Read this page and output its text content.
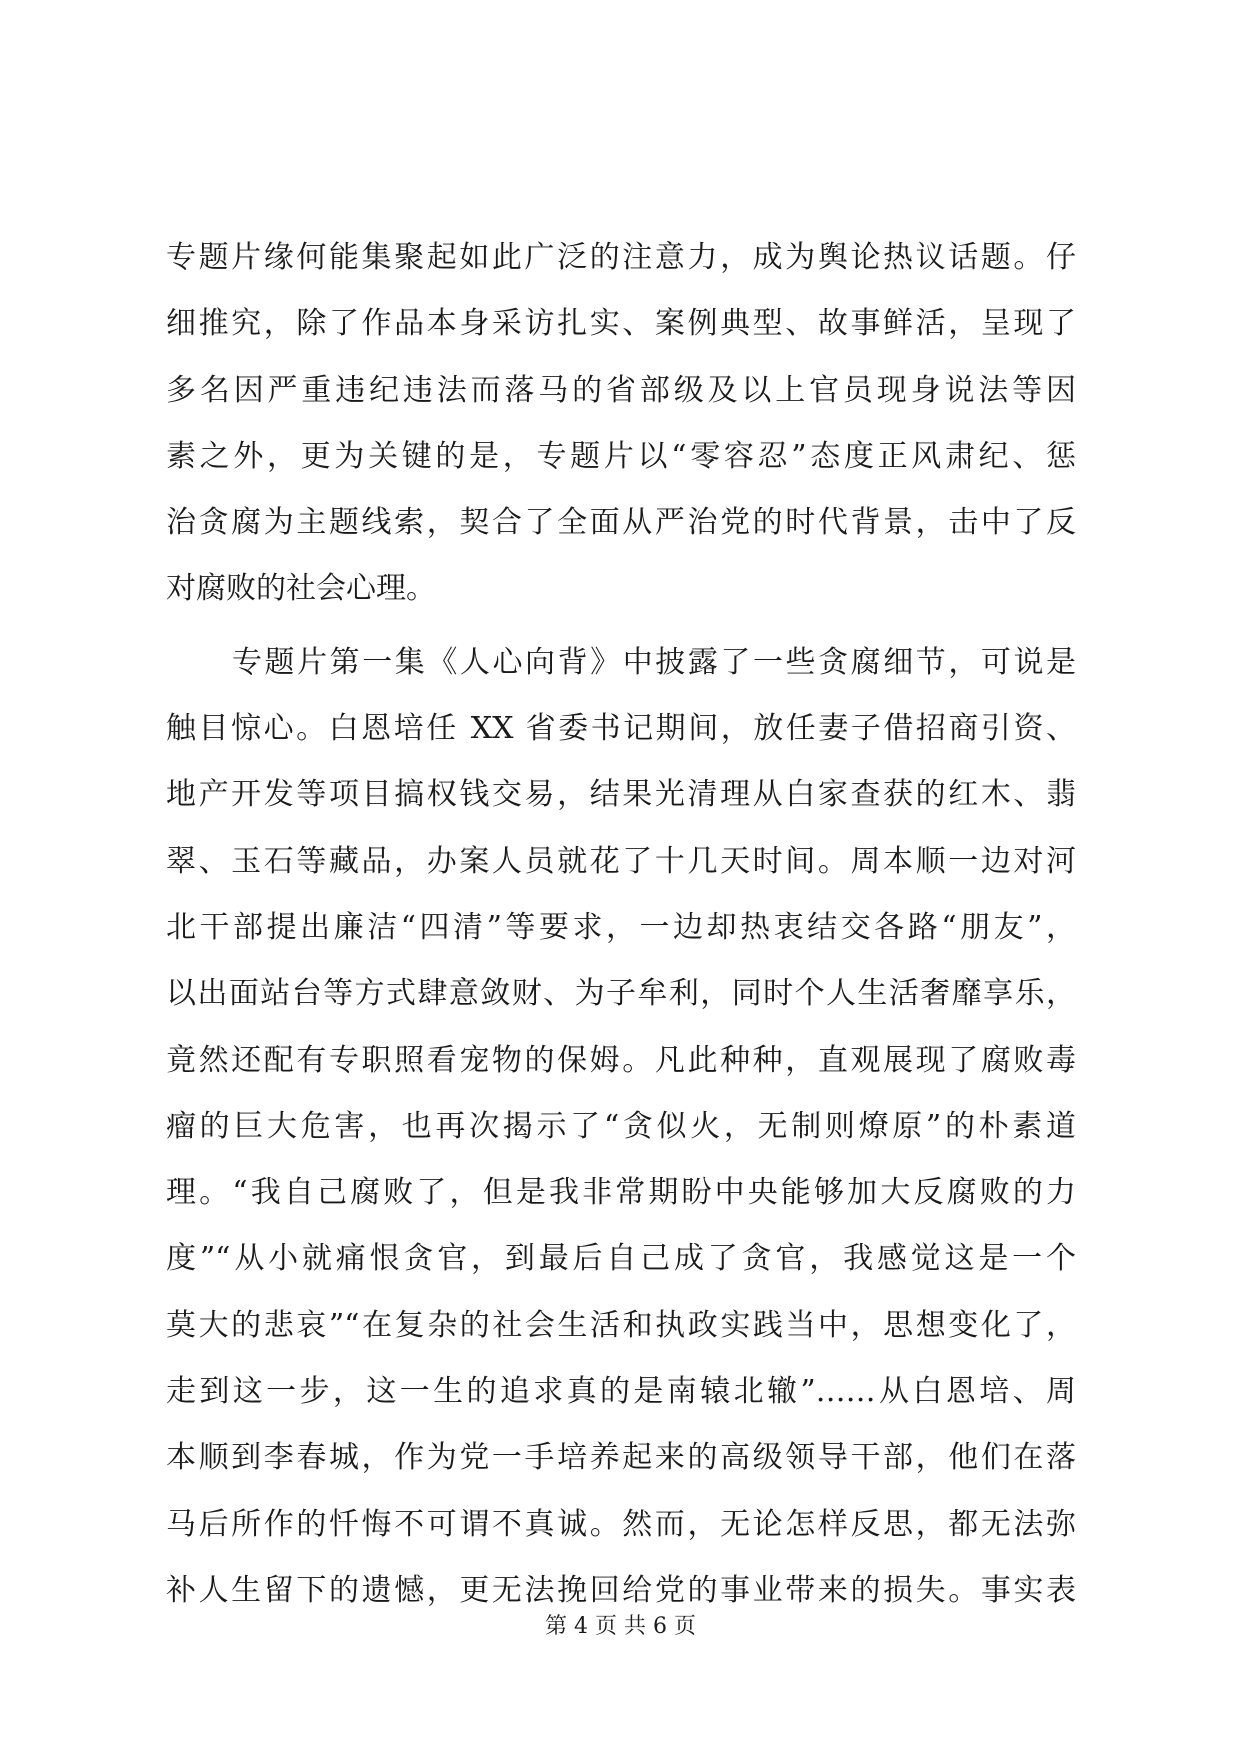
专题片缘何能集聚起如此广泛的注意力，成为舆论热议话题。仔
细推究，除了作品本身采访扎实、案例典型、故事鲜活，呈现了
多名因严重违纪违法而落马的省部级及以上官员现身说法等因
素之外，更为关键的是，专题片以“零容忍”态度正风肃纪、惩
治贪腐为主题线索，契合了全面从严治党的时代背景，击中了反
对腐败的社会心理。
专题片第一集《人心向背》中披露了一些贪腐细节，可说是
触目惊心。白恩培任 XX 省委书记期间，放任妻子借招商引资、
地产开发等项目搞权钱交易，结果光清理从白家查获的红木、翡
翠、玉石等藏品，办案人员就花了十几天时间。周本顺一边对河
北干部提出廉洁“四清”等要求，一边却热衷结交各路“朋友”，
以出面站台等方式肆意敛财、为子牟利，同时个人生活奢靡享乐，
竟然还配有专职照看宠物的保姆。凡此种种，直观展现了腐败毒
瘤的巨大危害，也再次揭示了“贪似火，无制则燎原”的朴素道
理。“我自己腐败了，但是我非常期盼中央能够加大反腐败的力
度”“从小就痛恨贪官，到最后自己成了贪官，我感觉这是一个
莫大的悲哀”“在复杂的社会生活和执政实践当中，思想变化了，
走到这一步，这一生的追求真的是南辕北辙”……从白恩培、周
本顺到李春城，作为党一手培养起来的高级领导干部，他们在落
马后所作的忏悔不可谓不真诚。然而，无论怎样反思，都无法弥
补人生留下的遗憾，更无法挽回给党的事业带来的损失。事实表
第 4 页 共 6 页
